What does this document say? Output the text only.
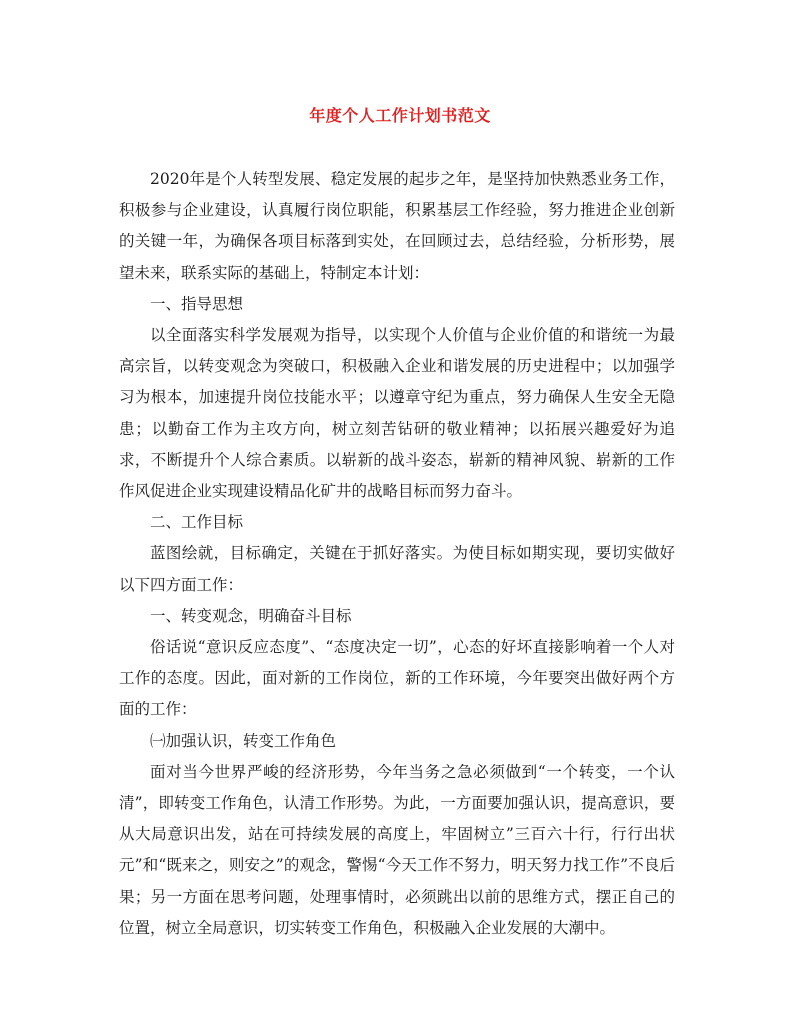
年度个人工作计划书范文

2020年是个人转型发展、稳定发展的起步之年，是坚持加快熟悉业务工作，积极参与企业建设，认真履行岗位职能，积累基层工作经验，努力推进企业创新的关键一年，为确保各项目标落到实处，在回顾过去，总结经验，分析形势，展望未来，联系实际的基础上，特制定本计划：

一、指导思想

以全面落实科学发展观为指导，以实现个人价值与企业价值的和谐统一为最高宗旨，以转变观念为突破口，积极融入企业和谐发展的历史进程中；以加强学习为根本，加速提升岗位技能水平；以遵章守纪为重点，努力确保人生安全无隐患；以勤奋工作为主攻方向，树立刻苦钻研的敬业精神；以拓展兴趣爱好为追求，不断提升个人综合素质。以崭新的战斗姿态，崭新的精神风貌、崭新的工作作风促进企业实现建设精品化矿井的战略目标而努力奋斗。

二、工作目标

蓝图绘就，目标确定，关键在于抓好落实。为使目标如期实现，要切实做好以下四方面工作：

一、转变观念，明确奋斗目标

俗话说“意识反应态度”、“态度决定一切”，心态的好坏直接影响着一个人对工作的态度。因此，面对新的工作岗位，新的工作环境，今年要突出做好两个方面的工作：

㈠加强认识，转变工作角色

面对当今世界严峻的经济形势，今年当务之急必须做到“一个转变，一个认清”，即转变工作角色，认清工作形势。为此，一方面要加强认识，提高意识，要从大局意识出发，站在可持续发展的高度上，牢固树立”三百六十行，行行出状元”和“既来之，则安之”的观念，警惕“今天工作不努力，明天努力找工作”不良后果；另一方面在思考问题，处理事情时，必须跳出以前的思维方式，摆正自己的位置，树立全局意识，切实转变工作角色，积极融入企业发展的大潮中。
